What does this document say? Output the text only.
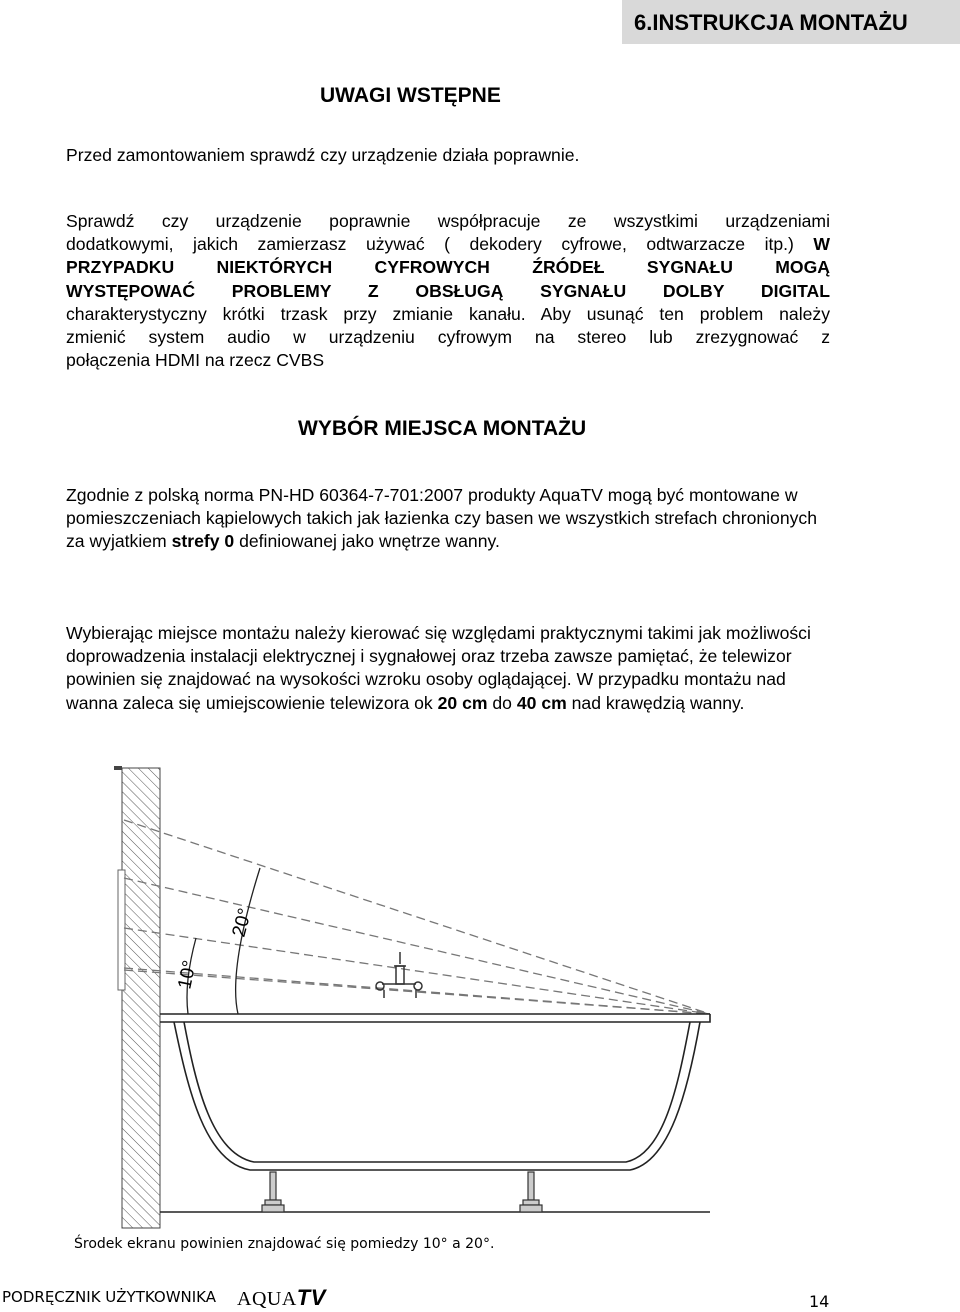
6.INSTRUKCJA MONTAŻU
UWAGI WSTĘPNE
Przed zamontowaniem sprawdź czy urządzenie działa poprawnie.
Sprawdź czy urządzenie poprawnie współpracuje ze wszystkimi urządzeniami
dodatkowymi, jakich zamierzasz używać ( dekodery cyfrowe, odtwarzacze itp.) W
PRZYPADKU NIEKTÓRYCH CYFROWYCH ŹRÓDEŁ SYGNAŁU MOGĄ
WYSTĘPOWAĆ PROBLEMY Z OBSŁUGĄ SYGNAŁU DOLBY DIGITAL
charakterystyczny krótki trzask przy zmianie kanału. Aby usunąć ten problem należy
zmienić system audio w urządzeniu cyfrowym na stereo lub zrezygnować z
połączenia HDMI na rzecz CVBS
WYBÓR MIEJSCA MONTAŻU
Zgodnie z polską norma PN-HD 60364-7-701:2007 produkty AquaTV mogą być montowane w pomieszczeniach kąpielowych takich jak łazienka czy basen we wszystkich strefach chronionych za wyjatkiem strefy 0 definiowanej jako wnętrze wanny.
Wybierając miejsce montażu należy kierować się względami praktycznymi takimi jak możliwości doprowadzenia instalacji elektrycznej i sygnałowej oraz trzeba zawsze pamiętać, że telewizor powinien się znajdować na wysokości wzroku osoby oglądającej. W przypadku montażu nad wanna zaleca się umiejscowienie telewizora ok 20 cm do 40 cm nad krawędzią wanny.
10°
20°
Środek ekranu powinien znajdować się pomiedzy 10° a 20°.
PODRĘCZNIK UŻYTKOWNIKA AQUATV	14
